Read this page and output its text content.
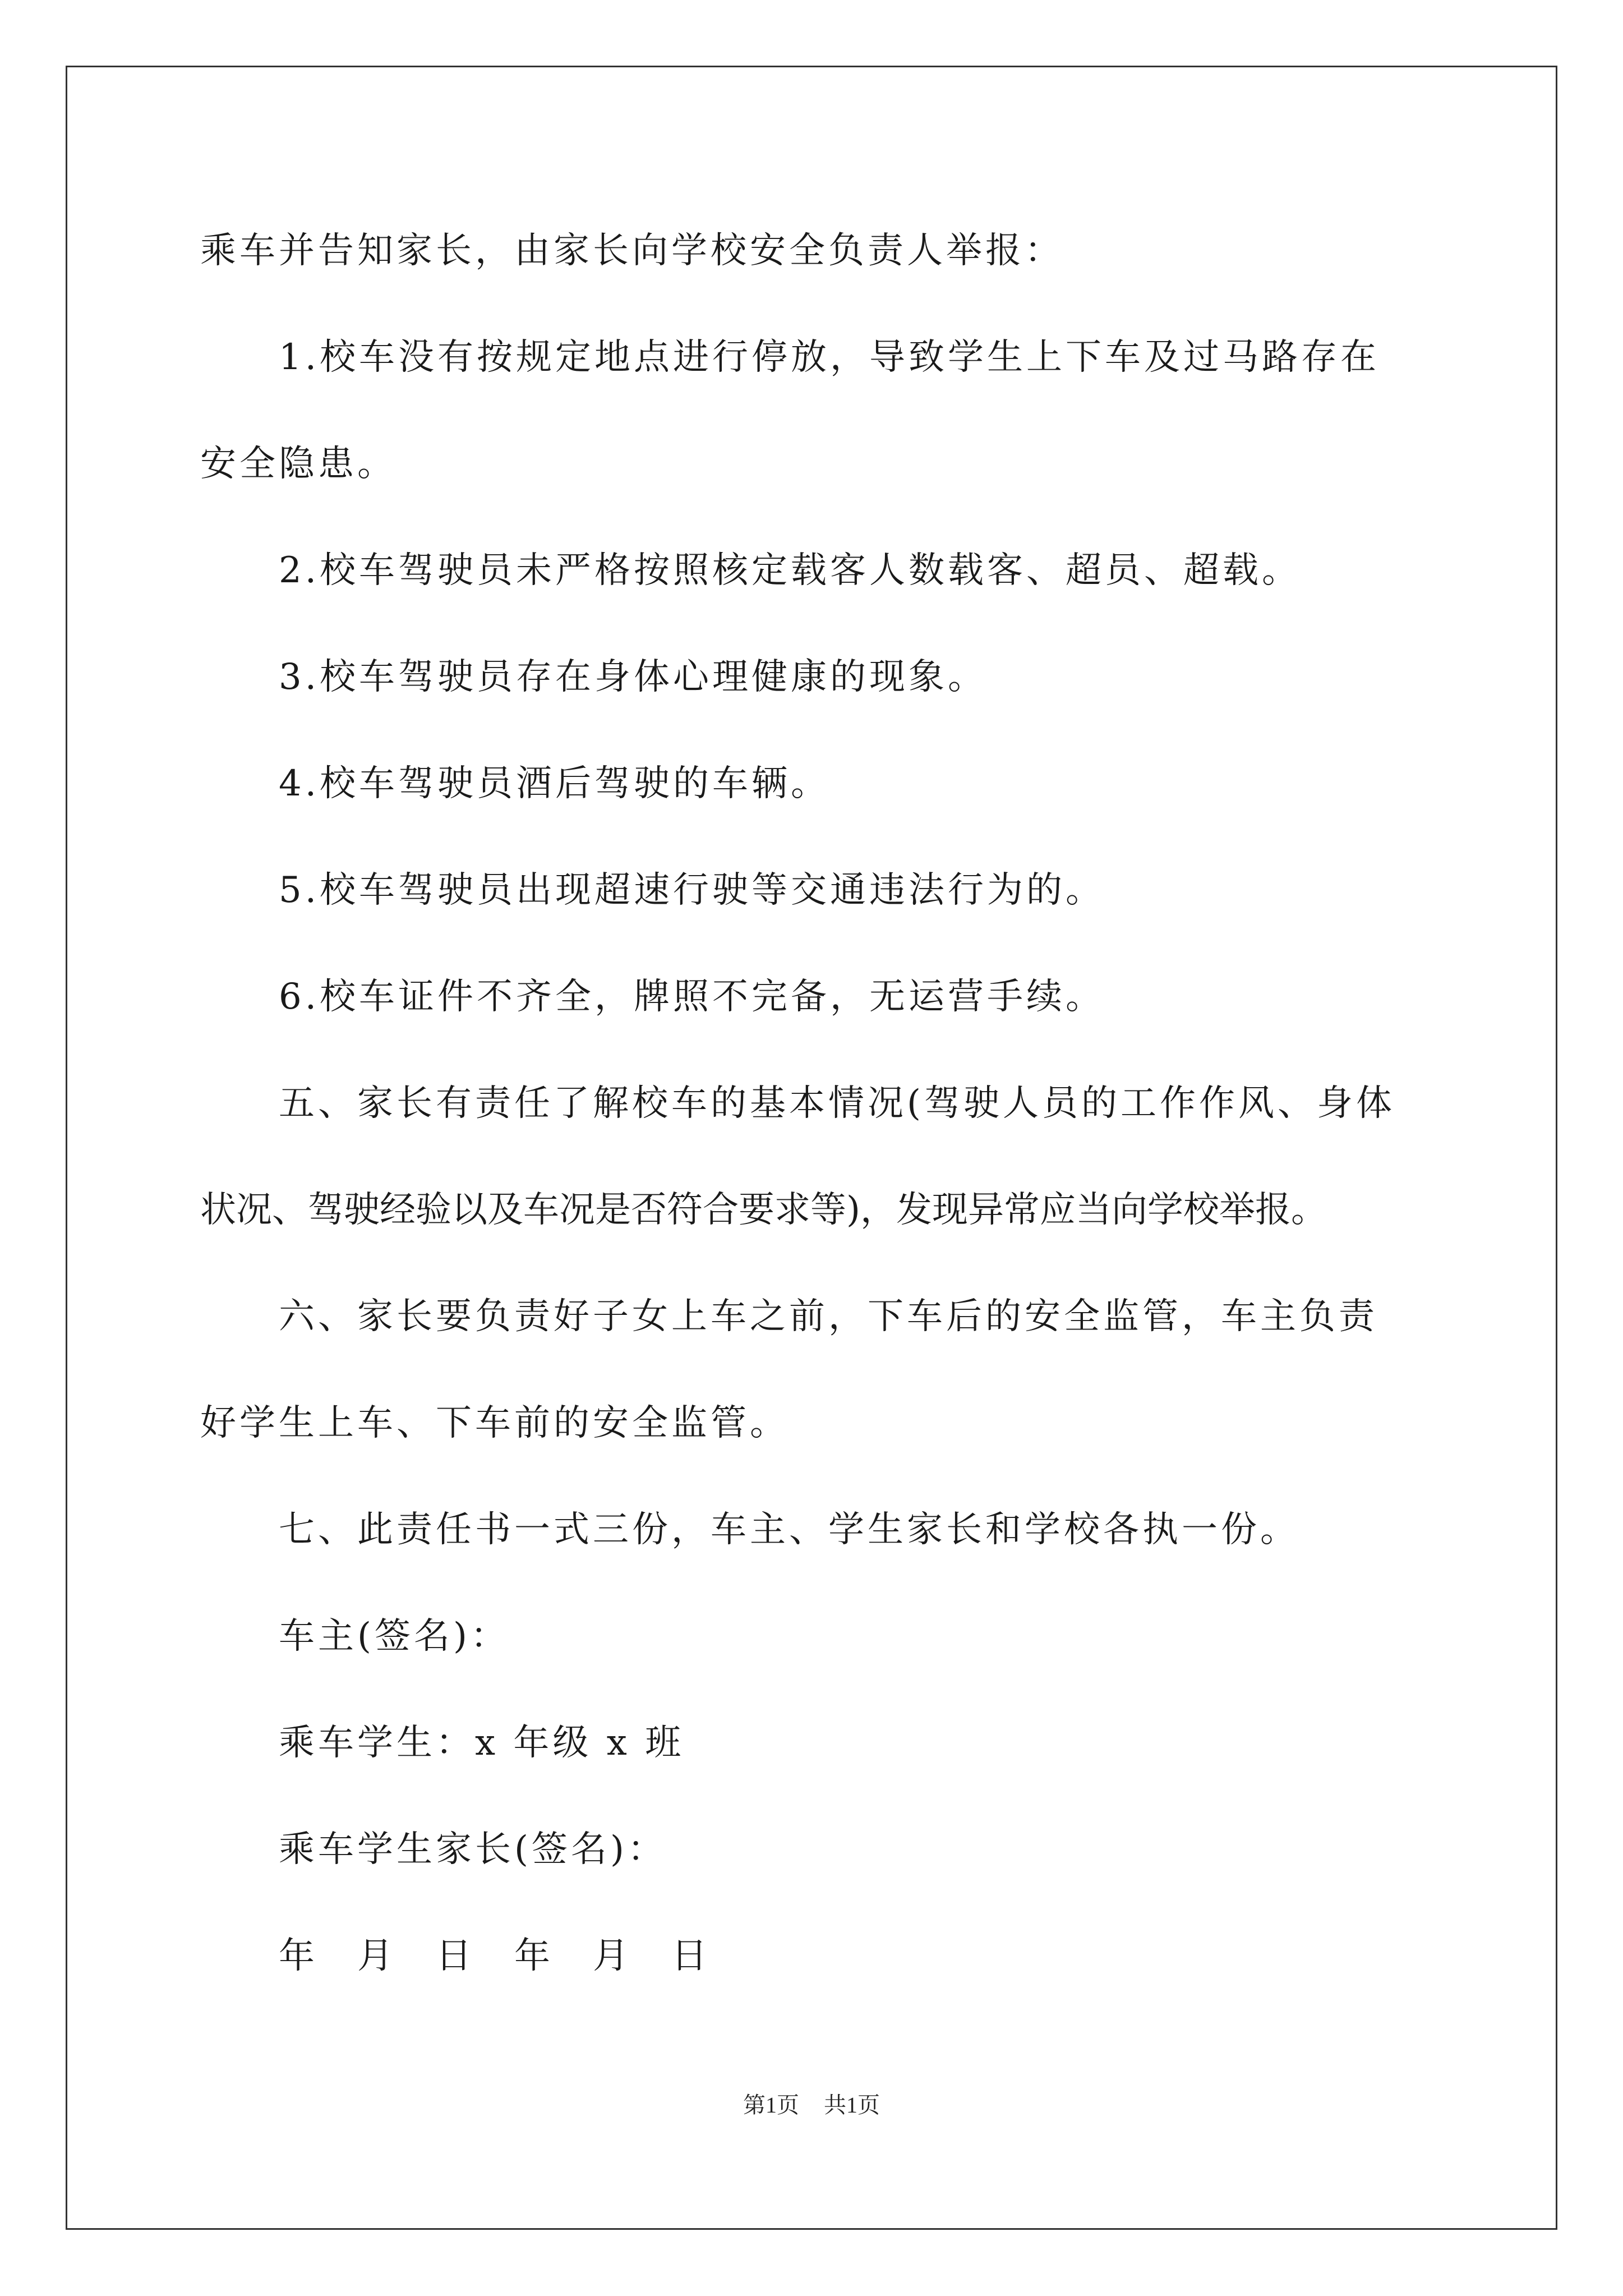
乘车并告知家长，由家长向学校安全负责人举报：
1.校车没有按规定地点进行停放，导致学生上下车及过马路存在
安全隐患。
2.校车驾驶员未严格按照核定载客人数载客、超员、超载。
3.校车驾驶员存在身体心理健康的现象。
4.校车驾驶员酒后驾驶的车辆。
5.校车驾驶员出现超速行驶等交通违法行为的。
6.校车证件不齐全，牌照不完备，无运营手续。
五、家长有责任了解校车的基本情况(驾驶人员的工作作风、身体
状况、驾驶经验以及车况是否符合要求等)，发现异常应当向学校举报。
六、家长要负责好子女上车之前，下车后的安全监管，车主负责
好学生上车、下车前的安全监管。
七、此责任书一式三份，车主、学生家长和学校各执一份。
车主(签名)：
乘车学生：x 年级 x 班
乘车学生家长(签名)：
年　月　日　年　月　日
第1页 共1页
